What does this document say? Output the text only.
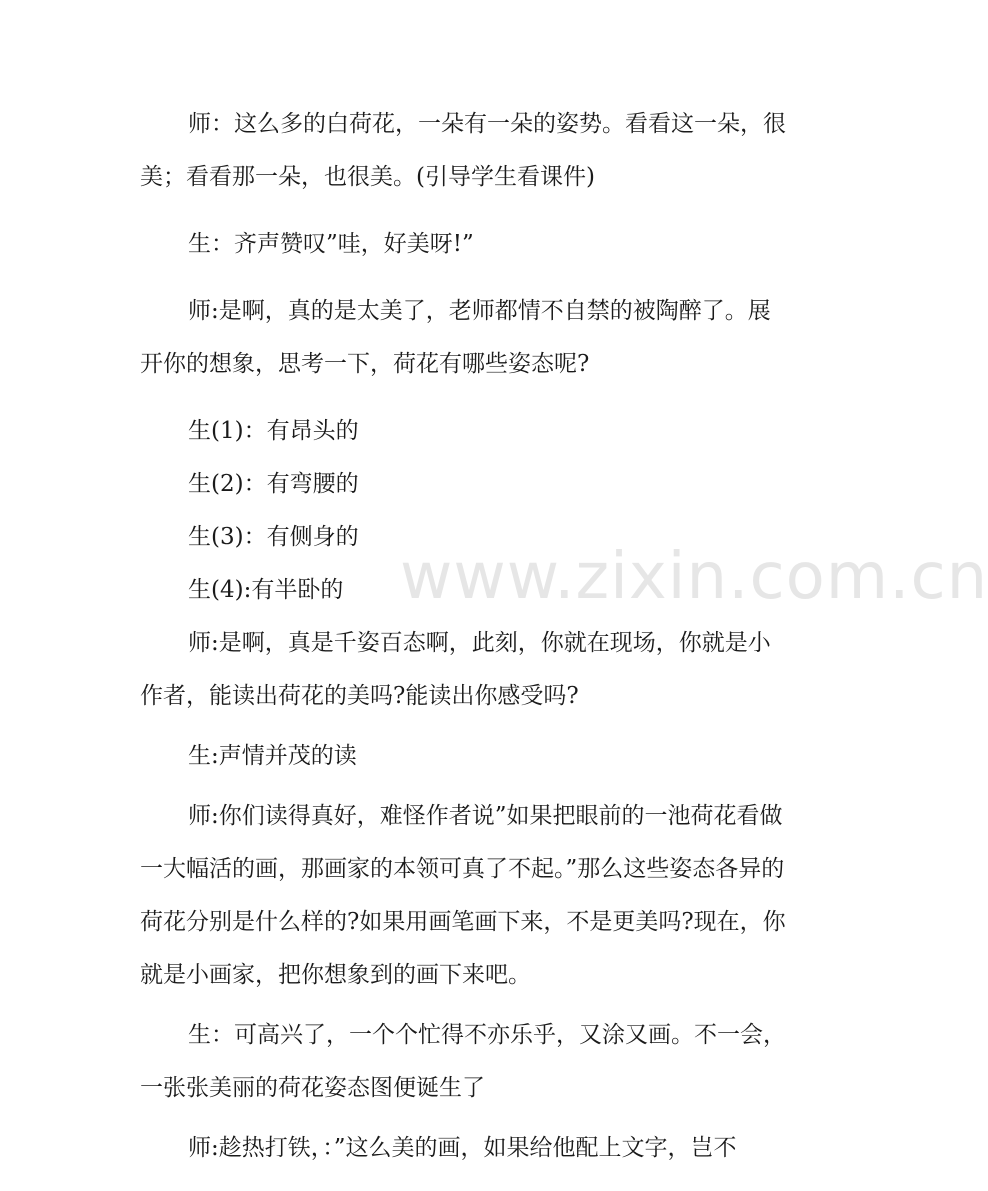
www.zixin.com.cn

师：这么多的白荷花，一朵有一朵的姿势。看看这一朵，很美；看看那一朵，也很美。(引导学生看课件)

生：齐声赞叹”哇，好美呀!”

师:是啊，真的是太美了，老师都情不自禁的被陶醉了。展开你的想象，思考一下，荷花有哪些姿态呢?

生(1)：有昂头的

生(2)：有弯腰的

生(3)：有侧身的

生(4):有半卧的

师:是啊，真是千姿百态啊，此刻，你就在现场，你就是小作者，能读出荷花的美吗?能读出你感受吗?

生:声情并茂的读

师:你们读得真好，难怪作者说”如果把眼前的一池荷花看做一大幅活的画，那画家的本领可真了不起。”那么这些姿态各异的荷花分别是什么样的?如果用画笔画下来，不是更美吗?现在，你就是小画家，把你想象到的画下来吧。

生：可高兴了，一个个忙得不亦乐乎，又涂又画。不一会，一张张美丽的荷花姿态图便诞生了

师:趁热打铁，：”这么美的画，如果给他配上文字，岂不
